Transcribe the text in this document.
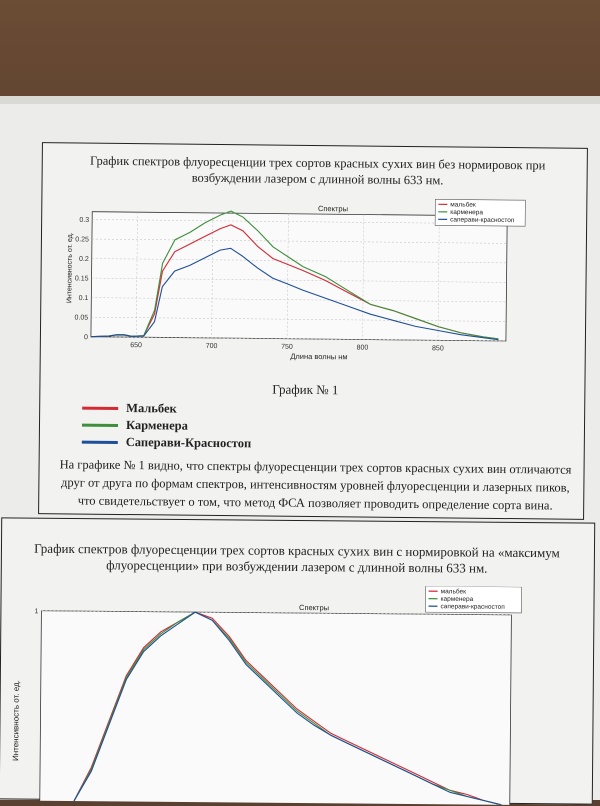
График спектров флуоресценции трех сортов красных сухих вин без нормировок при возбуждении лазером с длинной волны 633 нм.
650	700	750	800	850
0
0.05
0.1
0.15
0.2
0.25
0.3
Спектры
Длина волны нм
Интенсивность от. ед.
мальбек
карменера
саперави-красностоп
График № 1
Мальбек
Карменера
Саперави-Красностоп
На графике № 1 видно, что спектры флуоресценции трех сортов красных сухих вин отличаются друг от друга по формам спектров, интенсивностям уровней флуоресценции и лазерных пиков, что свидетельствует о том, что метод ФСА позволяет проводить определение сорта вина.
График спектров флуоресценции трех сортов красных сухих вин с нормировкой на «максимум флуоресценции» при возбуждении лазером с длинной волны 633 нм.
1	Спектры
Интенсивность от. ед.
мальбек
карменера
саперави-красностоп
